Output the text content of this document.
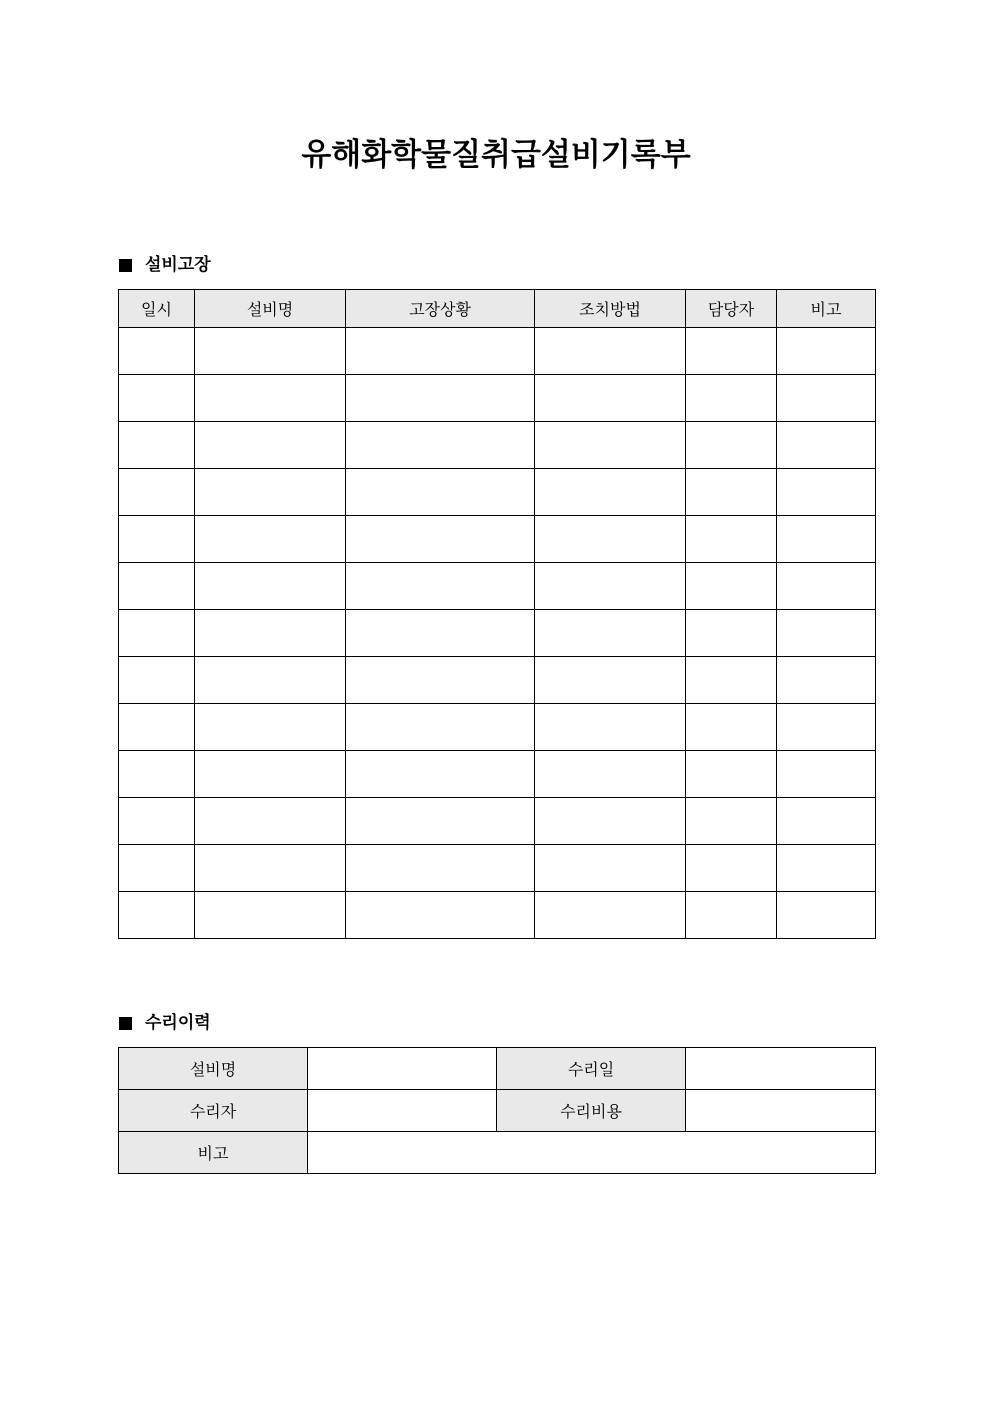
유해화학물질취급설비기록부
설비고장
일시	설비명	고장상황	조치방법	담당자	비고

수리이력
설비명		수리일	
수리자		수리비용	
비고			
